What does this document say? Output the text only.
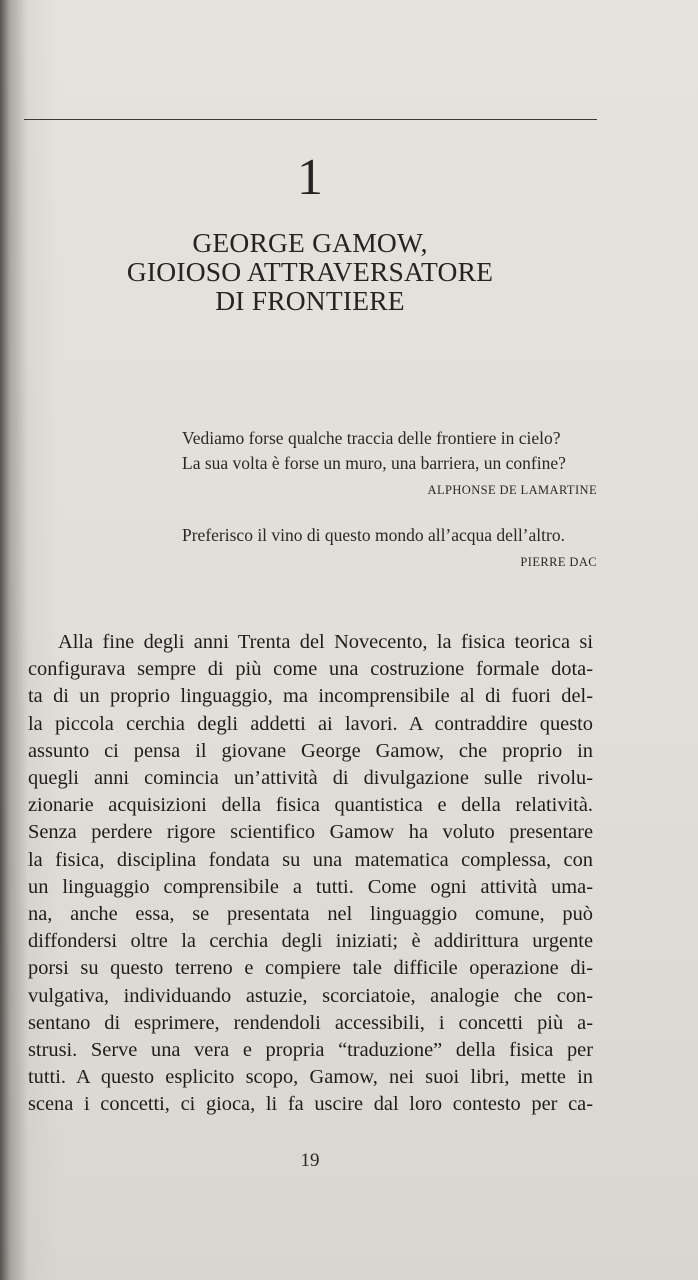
1
GEORGE GAMOW,
GIOIOSO ATTRAVERSATORE
DI FRONTIERE
Vediamo forse qualche traccia delle frontiere in cielo?
La sua volta è forse un muro, una barriera, un confine?
ALPHONSE DE LAMARTINE
Preferisco il vino di questo mondo all’acqua dell’altro.
PIERRE DAC
Alla fine degli anni Trenta del Novecento, la fisica teorica si
configurava sempre di più come una costruzione formale dota-
ta di un proprio linguaggio, ma incomprensibile al di fuori del-
la piccola cerchia degli addetti ai lavori. A contraddire questo
assunto ci pensa il giovane George Gamow, che proprio in
quegli anni comincia un’attività di divulgazione sulle rivolu-
zionarie acquisizioni della fisica quantistica e della relatività.
Senza perdere rigore scientifico Gamow ha voluto presentare
la fisica, disciplina fondata su una matematica complessa, con
un linguaggio comprensibile a tutti. Come ogni attività uma-
na, anche essa, se presentata nel linguaggio comune, può
diffondersi oltre la cerchia degli iniziati; è addirittura urgente
porsi su questo terreno e compiere tale difficile operazione di-
vulgativa, individuando astuzie, scorciatoie, analogie che con-
sentano di esprimere, rendendoli accessibili, i concetti più a-
strusi. Serve una vera e propria “traduzione” della fisica per
tutti. A questo esplicito scopo, Gamow, nei suoi libri, mette in
scena i concetti, ci gioca, li fa uscire dal loro contesto per ca-
19
